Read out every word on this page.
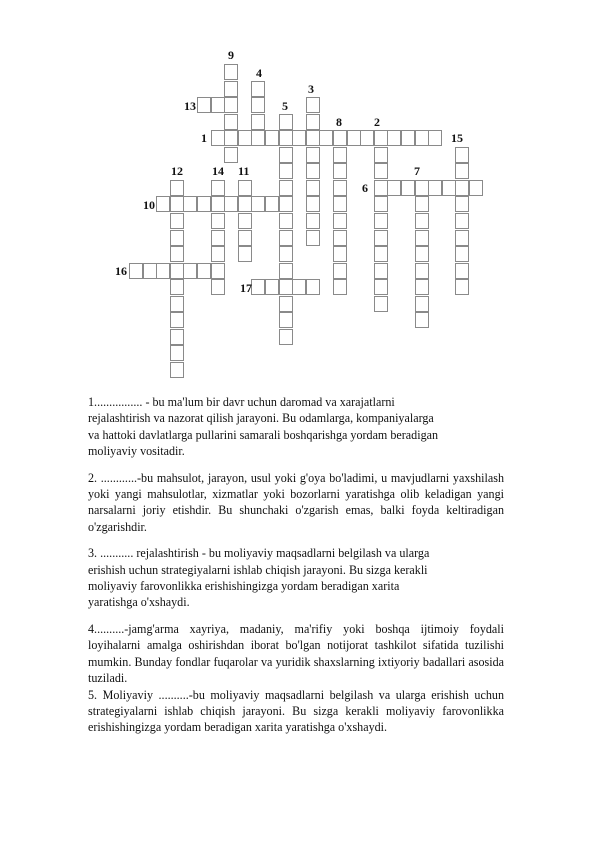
9
4
3
13	5
8	2
1	15
12 14 11	7
6
10
16
17

1................ - bu ma'lum bir davr uchun daromad va xarajatlarni
rejalashtirish va nazorat qilish jarayoni. Bu odamlarga, kompaniyalarga
va hattoki davlatlarga pullarini samarali boshqarishga yordam beradigan
moliyaviy vositadir.

2. ............-bu mahsulot, jarayon, usul yoki g'oya bo'ladimi, u mavjudlarni yaxshilash yoki yangi mahsulotlar, xizmatlar yoki bozorlarni yaratishga olib keladigan yangi narsalarni joriy etishdir. Bu shunchaki o'zgarish emas, balki foyda keltiradigan o'zgarishdir.

3. ........... rejalashtirish - bu moliyaviy maqsadlarni belgilash va ularga
erishish uchun strategiyalarni ishlab chiqish jarayoni. Bu sizga kerakli
moliyaviy farovonlikka erishishingizga yordam beradigan xarita
yaratishga o'xshaydi.

4..........-jamg'arma xayriya, madaniy, ma'rifiy yoki boshqa ijtimoiy foydali loyihalarni amalga oshirishdan iborat bo'lgan notijorat tashkilot sifatida tuzilishi mumkin. Bunday fondlar fuqarolar va yuridik shaxslarning ixtiyoriy badallari asosida tuziladi.

5. Moliyaviy ..........-bu moliyaviy maqsadlarni belgilash va ularga erishish uchun strategiyalarni ishlab chiqish jarayoni. Bu sizga kerakli moliyaviy farovonlikka erishishingizga yordam beradigan xarita yaratishga o'xshaydi.
